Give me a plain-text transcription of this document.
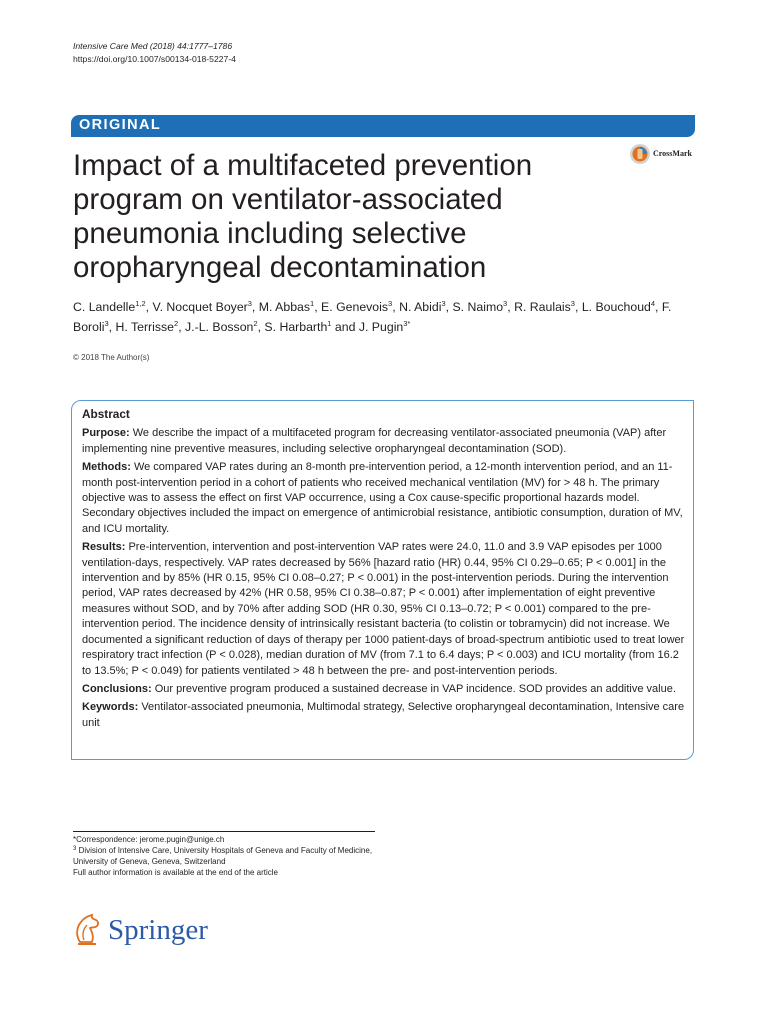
Intensive Care Med (2018) 44:1777–1786
https://doi.org/10.1007/s00134-018-5227-4
ORIGINAL
CrossMark
Impact of a multifaceted prevention program on ventilator-associated pneumonia including selective oropharyngeal decontamination
C. Landelle$^{1,2}$, V. Nocquet Boyer$^3$, M. Abbas$^1$, E. Genevois$^3$, N. Abidi$^3$, S. Naimo$^3$, R. Raulais$^3$, L. Bouchoud$^4$, F. Boroli$^3$, H. Terrisse$^2$, J.-L. Bosson$^2$, S. Harbarth$^1$ and J. Pugin$^{3*}$
© 2018 The Author(s)
Abstract

Purpose: We describe the impact of a multifaceted program for decreasing ventilator-associated pneumonia (VAP) after implementing nine preventive measures, including selective oropharyngeal decontamination (SOD).

Methods: We compared VAP rates during an 8-month pre-intervention period, a 12-month intervention period, and an 11-month post-intervention period in a cohort of patients who received mechanical ventilation (MV) for > 48 h. The primary objective was to assess the effect on first VAP occurrence, using a Cox cause-specific proportional hazards model. Secondary objectives included the impact on emergence of antimicrobial resistance, antibiotic consumption, duration of MV, and ICU mortality.

Results: Pre-intervention, intervention and post-intervention VAP rates were 24.0, 11.0 and 3.9 VAP episodes per 1000 ventilation-days, respectively. VAP rates decreased by 56% [hazard ratio (HR) 0.44, 95% CI 0.29–0.65; P < 0.001] in the intervention and by 85% (HR 0.15, 95% CI 0.08–0.27; P < 0.001) in the post-intervention periods. During the intervention period, VAP rates decreased by 42% (HR 0.58, 95% CI 0.38–0.87; P < 0.001) after implementation of eight preventive measures without SOD, and by 70% after adding SOD (HR 0.30, 95% CI 0.13–0.72; P < 0.001) compared to the pre-intervention period. The incidence density of intrinsically resistant bacteria (to colistin or tobramycin) did not increase. We documented a significant reduction of days of therapy per 1000 patient-days of broad-spectrum antibiotic used to treat lower respiratory tract infection (P < 0.028), median duration of MV (from 7.1 to 6.4 days; P < 0.003) and ICU mortality (from 16.2 to 13.5%; P < 0.049) for patients ventilated > 48 h between the pre- and post-intervention periods.

Conclusions: Our preventive program produced a sustained decrease in VAP incidence. SOD provides an additive value.

Keywords: Ventilator-associated pneumonia, Multimodal strategy, Selective oropharyngeal decontamination, Intensive care unit

*Correspondence: jerome.pugin@unige.ch
$^3$ Division of Intensive Care, University Hospitals of Geneva and Faculty of Medicine, University of Geneva, Geneva, Switzerland
Full author information is available at the end of the article
Springer
